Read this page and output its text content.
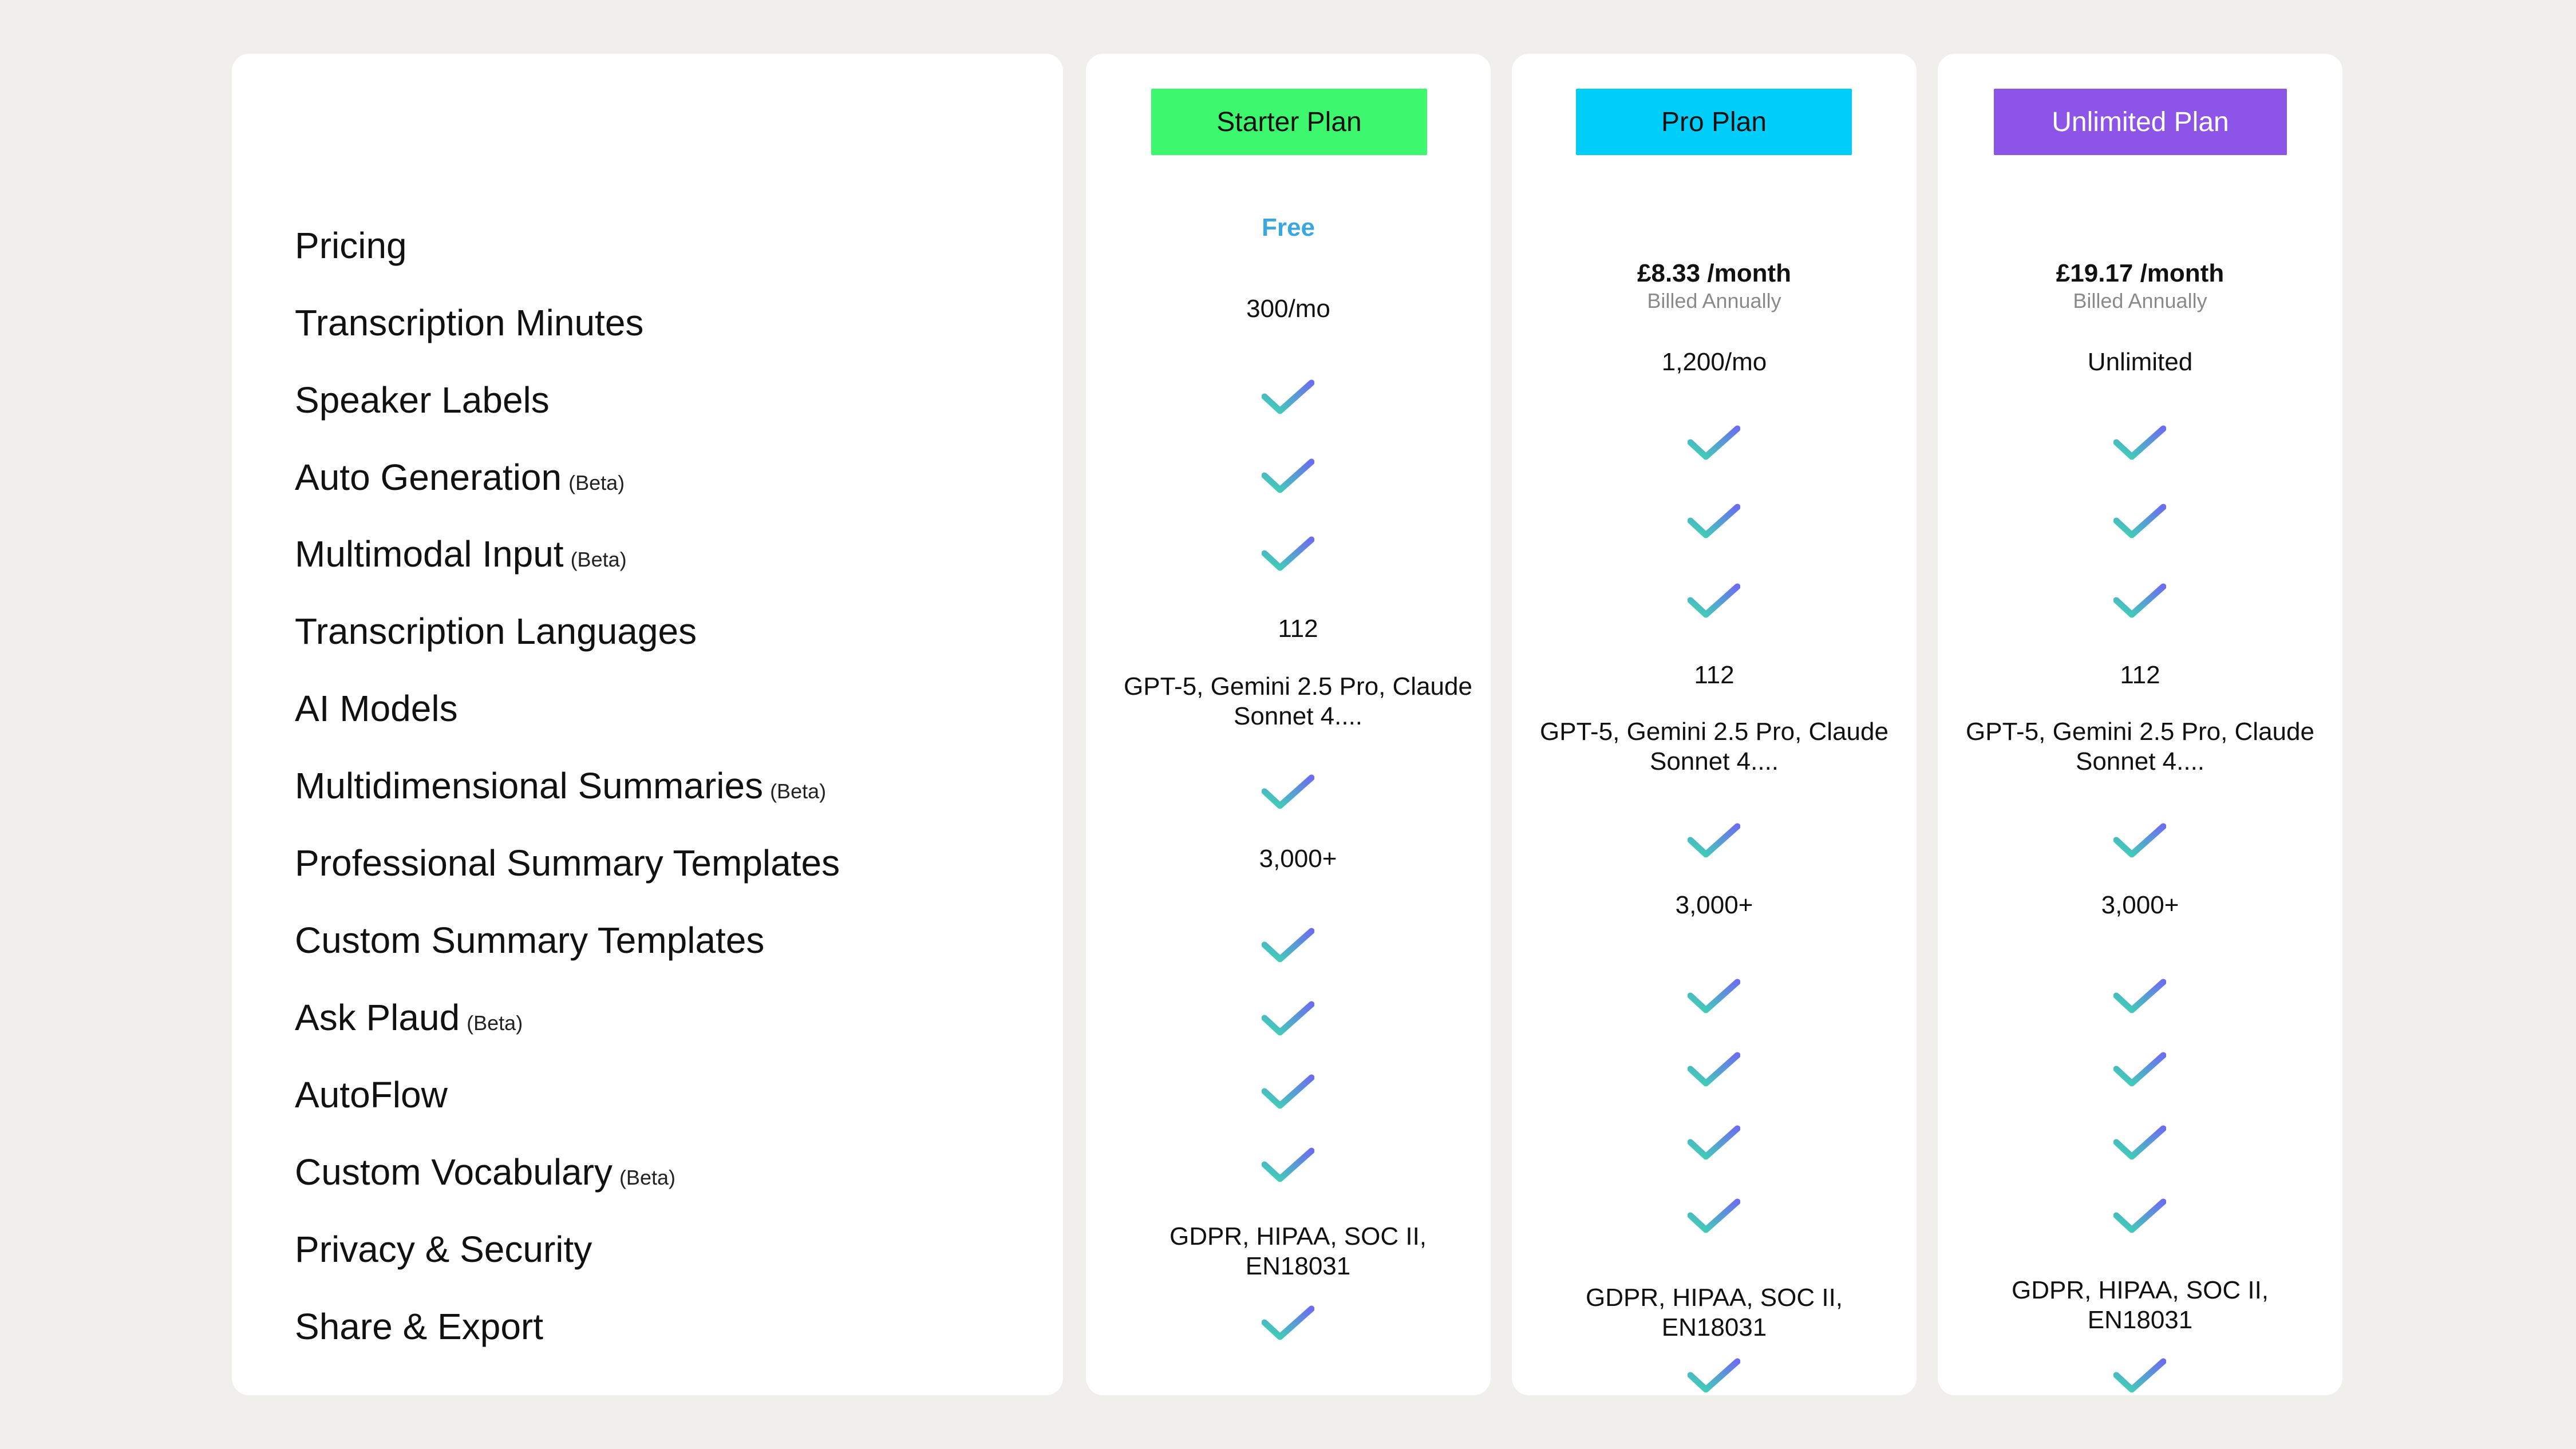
Pricing
Transcription Minutes
Speaker Labels
Auto Generation (Beta)
Multimodal Input (Beta)
Transcription Languages
AI Models
Multidimensional Summaries (Beta)
Professional Summary Templates
Custom Summary Templates
Ask Plaud (Beta)
AutoFlow
Custom Vocabulary (Beta)
Privacy & Security
Share & Export
Starter Plan
Free
300/mo
112
GPT-5, Gemini 2.5 Pro, Claude Sonnet 4....
3,000+
GDPR, HIPAA, SOC II, EN18031
Pro Plan
£8.33 /month
Billed Annually
1,200/mo
112
GPT-5, Gemini 2.5 Pro, Claude Sonnet 4....
3,000+
GDPR, HIPAA, SOC II, EN18031
Unlimited Plan
£19.17 /month
Billed Annually
Unlimited
112
GPT-5, Gemini 2.5 Pro, Claude Sonnet 4....
3,000+
GDPR, HIPAA, SOC II, EN18031
